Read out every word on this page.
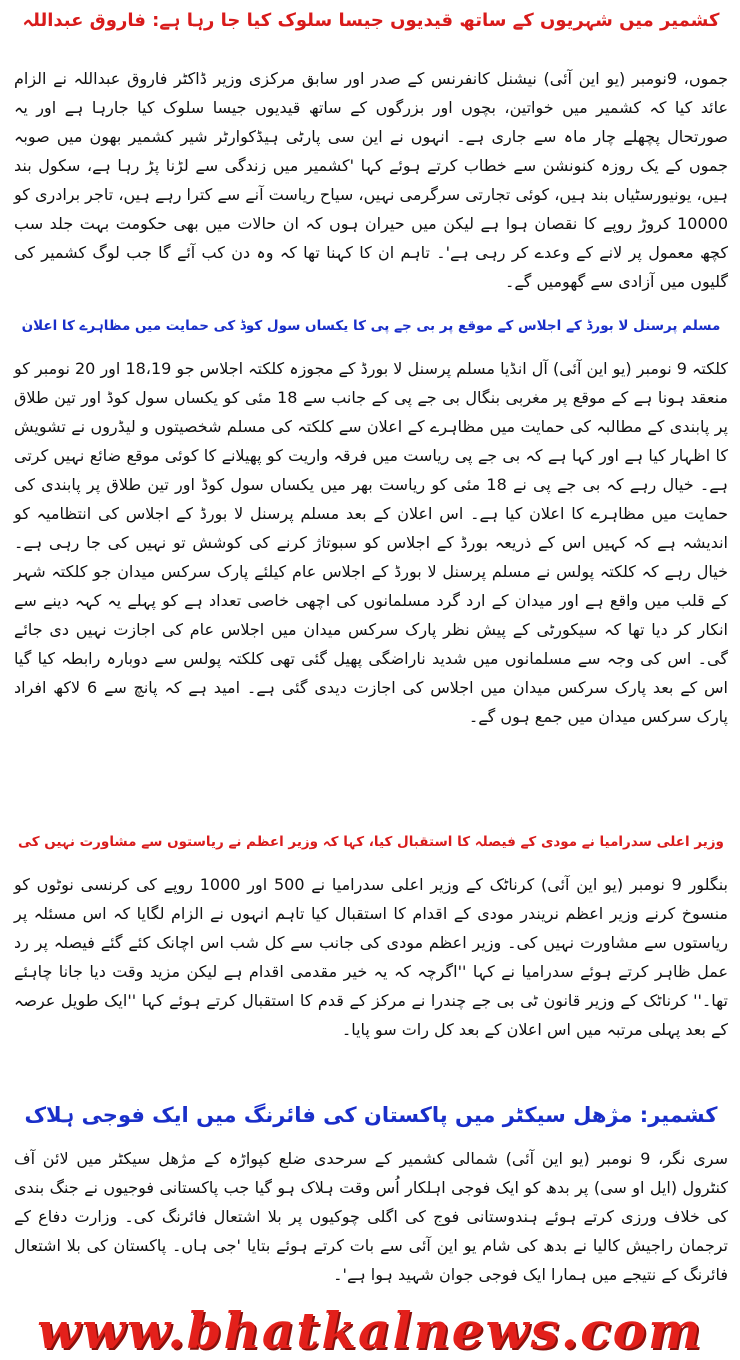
کشمیر میں شہریوں کے ساتھ قیدیوں جیسا سلوک کیا جا رہا ہے: فاروق عبداللہ

جموں، 9نومبر (یو این آئی) نیشنل کانفرنس کے صدر اور سابق مرکزی وزیر ڈاکٹر فاروق عبداللہ نے الزام عائد کیا کہ کشمیر میں خواتین، بچوں اور بزرگوں کے ساتھ قیدیوں جیسا سلوک کیا جارہا ہے اور یہ صورتحال پچھلے چار ماہ سے جاری ہے۔ انہوں نے این سی پارٹی ہیڈکوارٹر شیر کشمیر بھون میں صوبہ جموں کے یک روزہ کنونشن سے خطاب کرتے ہوئے کہا 'کشمیر میں زندگی سے لڑنا پڑ رہا ہے، سکول بند ہیں، یونیورسٹیاں بند ہیں، کوئی تجارتی سرگرمی نہیں، سیاح ریاست آنے سے کترا رہے ہیں، تاجر برادری کو 10000 کروڑ روپے کا نقصان ہوا ہے لیکن میں حیران ہوں کہ ان حالات میں بھی حکومت بہت جلد سب کچھ معمول پر لانے کے وعدے کر رہی ہے'۔ تاہم ان کا کہنا تھا کہ وہ دن کب آئے گا جب لوگ کشمیر کی گلیوں میں آزادی سے گھومیں گے۔

مسلم پرسنل لا بورڈ کے اجلاس کے موقع پر بی جے پی کا یکساں سول کوڈ کی حمایت میں مظاہرے کا اعلان

کلکتہ 9 نومبر (یو این آئی) آل انڈیا مسلم پرسنل لا بورڈ کے مجوزہ کلکتہ اجلاس جو 18،19 اور 20 نومبر کو منعقد ہونا ہے کے موقع پر مغربی بنگال بی جے پی کے جانب سے 18 مئی کو یکساں سول کوڈ اور تین طلاق پر پابندی کے مطالبہ کی حمایت میں مظاہرے کے اعلان سے کلکتہ کی مسلم شخصیتوں و لیڈروں نے تشویش کا اظہار کیا ہے اور کہا ہے کہ بی جے پی ریاست میں فرقہ واریت کو پھیلانے کا کوئی موقع ضائع نہیں کرتی ہے۔ خیال رہے کہ بی جے پی نے 18 مئی کو ریاست بھر میں یکساں سول کوڈ اور تین طلاق پر پابندی کی حمایت میں مظاہرے کا اعلان کیا ہے۔ اس اعلان کے بعد مسلم پرسنل لا بورڈ کے اجلاس کی انتظامیہ کو اندیشہ ہے کہ کہیں اس کے ذریعہ بورڈ کے اجلاس کو سبوتاژ کرنے کی کوشش تو نہیں کی جا رہی ہے۔ خیال رہے کہ کلکتہ پولس نے مسلم پرسنل لا بورڈ کے اجلاس عام کیلئے پارک سرکس میدان جو کلکتہ شہر کے قلب میں واقع ہے اور میدان کے ارد گرد مسلمانوں کی اچھی خاصی تعداد ہے کو پہلے یہ کہہ دینے سے انکار کر دیا تھا کہ سیکورٹی کے پیش نظر پارک سرکس میدان میں اجلاس عام کی اجازت نہیں دی جائے گی۔ اس کی وجہ سے مسلمانوں میں شدید ناراضگی پھیل گئی تھی کلکتہ پولس سے دوبارہ رابطہ کیا گیا اس کے بعد پارک سرکس میدان میں اجلاس کی اجازت دیدی گئی ہے۔ امید ہے کہ پانچ سے 6 لاکھ افراد پارک سرکس میدان میں جمع ہوں گے۔

وزیر اعلی سدرامیا نے مودی کے فیصلہ کا استقبال کیا، کہا کہ وزیر اعظم نے ریاستوں سے مشاورت نہیں کی

بنگلور 9 نومبر (یو این آئی) کرناٹک کے وزیر اعلی سدرامیا نے 500 اور 1000 روپے کی کرنسی نوٹوں کو منسوخ کرنے وزیر اعظم نریندر مودی کے اقدام کا استقبال کیا تاہم انہوں نے الزام لگایا کہ اس مسئلہ پر ریاستوں سے مشاورت نہیں کی۔ وزیر اعظم مودی کی جانب سے کل شب اس اچانک کئے گئے فیصلہ پر رد عمل ظاہر کرتے ہوئے سدرامیا نے کہا ''اگرچہ کہ یہ خیر مقدمی اقدام ہے لیکن مزید وقت دیا جانا چاہئے تھا۔'' کرناٹک کے وزیر قانون ٹی بی جے چندرا نے مرکز کے قدم کا استقبال کرتے ہوئے کہا ''ایک طویل عرصہ کے بعد پہلی مرتبہ میں اس اعلان کے بعد کل رات سو پایا۔

کشمیر: مژھل سیکٹر میں پاکستان کی فائرنگ میں ایک فوجی ہلاک

سری نگر، 9 نومبر (یو این آئی) شمالی کشمیر کے سرحدی ضلع کپواڑہ کے مژھل سیکٹر میں لائن آف کنٹرول (ایل او سی) پر بدھ کو ایک فوجی اہلکار اُس وقت ہلاک ہو گیا جب پاکستانی فوجیوں نے جنگ بندی کی خلاف ورزی کرتے ہوئے ہندوستانی فوج کی اگلی چوکیوں پر بلا اشتعال فائرنگ کی۔ وزارت دفاع کے ترجمان راجیش کالیا نے بدھ کی شام یو این آئی سے بات کرتے ہوئے بتایا 'جی ہاں۔ پاکستان کی بلا اشتعال فائرنگ کے نتیجے میں ہمارا ایک فوجی جوان شہید ہوا ہے'۔

www.bhatkalnews.com
